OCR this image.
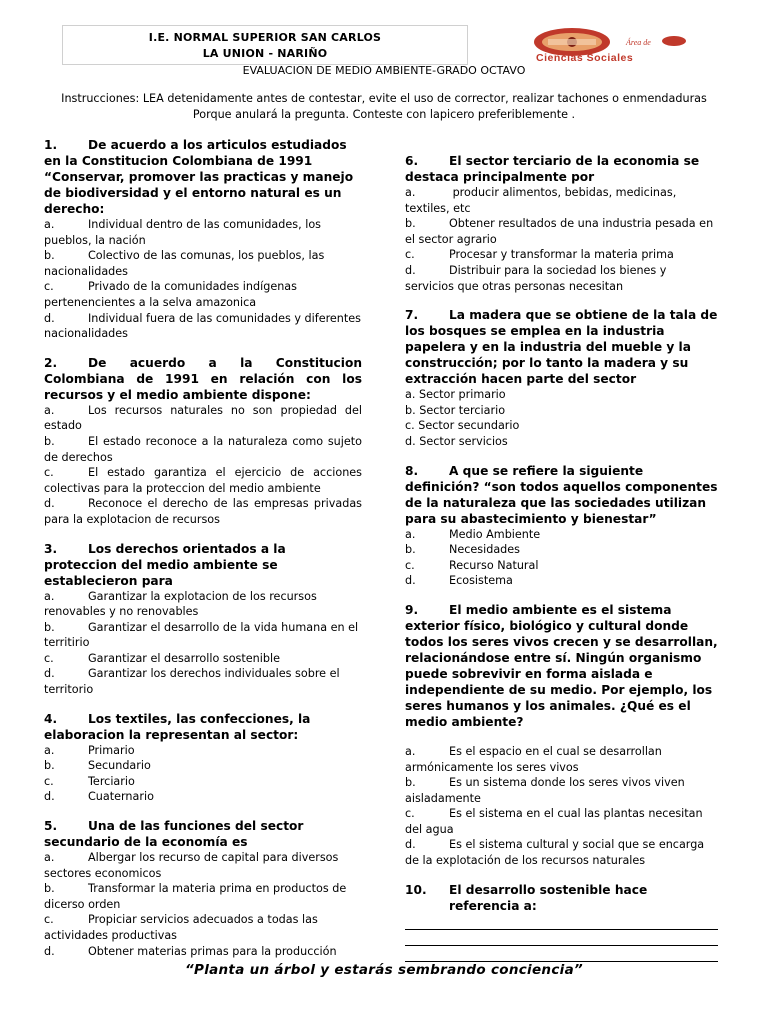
I.E. NORMAL SUPERIOR SAN CARLOS
LA UNION - NARIÑO
Área de
Ciencias Sociales
EVALUACION DE MEDIO AMBIENTE-GRADO OCTAVO
Instrucciones: LEA detenidamente antes de contestar, evite el uso de corrector, realizar tachones o enmendaduras
Porque anulará la pregunta. Conteste con lapicero preferiblemente .
1.	De acuerdo a los articulos estudiados en la Constitucion Colombiana de 1991 “Conservar, promover las practicas y manejo de biodiversidad y el entorno natural es un derecho:
a.	Individual dentro de las comunidades, los pueblos, la nación
b.	Colectivo de las comunas, los pueblos, las nacionalidades
c.	Privado de la comunidades indígenas pertenencientes a la selva amazonica
d.	Individual fuera de las comunidades y diferentes nacionalidades
2.	De acuerdo a la Constitucion Colombiana de 1991 en relación con los recursos y el medio ambiente dispone:
a.	Los recursos naturales no son propiedad del estado
b.	El estado reconoce a la naturaleza como sujeto de derechos
c.	El estado garantiza el ejercicio de acciones colectivas para la proteccion del medio ambiente
d.	Reconoce el derecho de las empresas privadas para la explotacion de recursos
3.	Los derechos orientados a la proteccion del medio ambiente se establecieron para
a.	Garantizar la explotacion de los recursos renovables y no renovables
b.	Garantizar el desarrollo de la vida humana en el territirio
c.	Garantizar el desarrollo sostenible
d.	Garantizar los derechos individuales sobre el territorio
4.	Los textiles, las confecciones, la elaboracion la representan al sector:
a.	Primario
b.	Secundario
c.	Terciario
d.	Cuaternario
5.	Una de las funciones del sector secundario de la economía es
a.	Albergar los recurso de capital para diversos sectores economicos
b.	Transformar la materia prima en productos de dicerso orden
c.	Propiciar servicios adecuados a todas las actividades productivas
d.	Obtener materias primas para la producción
6.	El sector terciario de la economia se destaca principalmente por
a.	producir alimentos, bebidas, medicinas, textiles, etc
b.	Obtener resultados de una industria pesada en el sector agrario
c.	Procesar y transformar la materia prima
d.	Distribuir para la sociedad los bienes y servicios que otras personas necesitan
7.	La madera que se obtiene de la tala de los bosques se emplea en la industria papelera y en la industria del mueble y la construcción; por lo tanto la madera y su extracción hacen parte del sector
a. Sector primario
b. Sector terciario
c. Sector secundario
d. Sector servicios
8.	A que se refiere la siguiente definición? “son todos aquellos componentes de la naturaleza que las sociedades utilizan para su abastecimiento y bienestar”
a.	Medio Ambiente
b.	Necesidades
c.	Recurso Natural
d.	Ecosistema
9.	El medio ambiente es el sistema exterior físico, biológico y cultural donde todos los seres vivos crecen y se desarrollan, relacionándose entre sí. Ningún organismo puede sobrevivir en forma aislada e independiente de su medio. Por ejemplo, los seres humanos y los animales. ¿Qué es el medio ambiente?
a.	Es el espacio en el cual se desarrollan armónicamente los seres vivos
b.	Es un sistema donde los seres vivos viven aisladamente
c.	Es el sistema en el cual las plantas necesitan del agua
d.	Es el sistema cultural y social que se encarga de la explotación de los recursos naturales
10.	El desarrollo sostenible hace referencia a:
“Planta un árbol y estarás sembrando conciencia”
